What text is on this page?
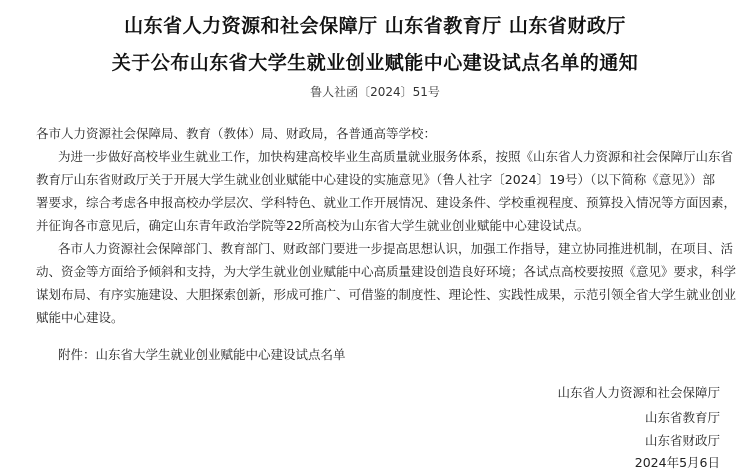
山东省人力资源和社会保障厅 山东省教育厅 山东省财政厅
关于公布山东省大学生就业创业赋能中心建设试点名单的通知
鲁人社函〔2024〕51号
各市人力资源社会保障局、教育（教体）局、财政局，各普通高等学校：
为进一步做好高校毕业生就业工作，加快构建高校毕业生高质量就业服务体系，按照《山东省人力资源和社会保障厅山东省
教育厅山东省财政厅关于开展大学生就业创业赋能中心建设的实施意见》（鲁人社字〔2024〕19号）（以下简称《意见》）部
署要求，综合考虑各申报高校办学层次、学科特色、就业工作开展情况、建设条件、学校重视程度、预算投入情况等方面因素，
并征询各市意见后，确定山东青年政治学院等22所高校为山东省大学生就业创业赋能中心建设试点。
各市人力资源社会保障部门、教育部门、财政部门要进一步提高思想认识，加强工作指导，建立协同推进机制，在项目、活
动、资金等方面给予倾斜和支持，为大学生就业创业赋能中心高质量建设创造良好环境；各试点高校要按照《意见》要求，科学
谋划布局、有序实施建设、大胆探索创新，形成可推广、可借鉴的制度性、理论性、实践性成果，示范引领全省大学生就业创业
赋能中心建设。
附件：山东省大学生就业创业赋能中心建设试点名单
山东省人力资源和社会保障厅
山东省教育厅
山东省财政厅
2024年5月6日
